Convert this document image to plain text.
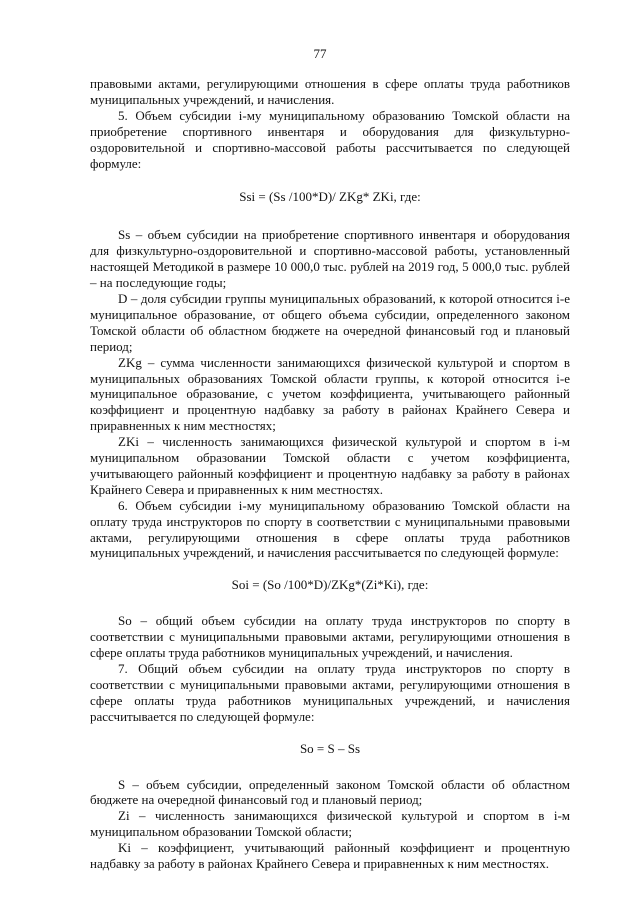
77

правовыми актами, регулирующими отношения в сфере оплаты труда работников муниципальных учреждений, и начисления.

5. Объем субсидии i-му муниципальному образованию Томской области на приобретение спортивного инвентаря и оборудования для физкультурно-оздоровительной и спортивно-массовой работы рассчитывается по следующей формуле:

Ssi = (Ss /100*D)/ ZKg* ZKi, где:

Ss – объем субсидии на приобретение спортивного инвентаря и оборудования для физкультурно-оздоровительной и спортивно-массовой работы, установленный настоящей Методикой в размере 10 000,0 тыс. рублей на 2019 год, 5 000,0 тыс. рублей – на последующие годы;

D – доля субсидии группы муниципальных образований, к которой относится i-е муниципальное образование, от общего объема субсидии, определенного законом Томской области об областном бюджете на очередной финансовый год и плановый период;

ZKg – сумма численности занимающихся физической культурой и спортом в муниципальных образованиях Томской области группы, к которой относится i-е муниципальное образование, с учетом коэффициента, учитывающего районный коэффициент и процентную надбавку за работу в районах Крайнего Севера и приравненных к ним местностях;

ZKi – численность занимающихся физической культурой и спортом в i-м муниципальном образовании Томской области с учетом коэффициента, учитывающего районный коэффициент и процентную надбавку за работу в районах Крайнего Севера и приравненных к ним местностях.

6. Объем субсидии i-му муниципальному образованию Томской области на оплату труда инструкторов по спорту в соответствии с муниципальными правовыми актами, регулирующими отношения в сфере оплаты труда работников муниципальных учреждений, и начисления рассчитывается по следующей формуле:

Soi = (So /100*D)/ZKg*(Zi*Ki), где:

So – общий объем субсидии на оплату труда инструкторов по спорту в соответствии с муниципальными правовыми актами, регулирующими отношения в сфере оплаты труда работников муниципальных учреждений, и начисления.

7. Общий объем субсидии на оплату труда инструкторов по спорту в соответствии с муниципальными правовыми актами, регулирующими отношения в сфере оплаты труда работников муниципальных учреждений, и начисления рассчитывается по следующей формуле:

So = S – Ss

S – объем субсидии, определенный законом Томской области об областном бюджете на очередной финансовый год и плановый период;

Zi – численность занимающихся физической культурой и спортом в i-м муниципальном образовании Томской области;

Ki – коэффициент, учитывающий районный коэффициент и процентную надбавку за работу в районах Крайнего Севера и приравненных к ним местностях.
